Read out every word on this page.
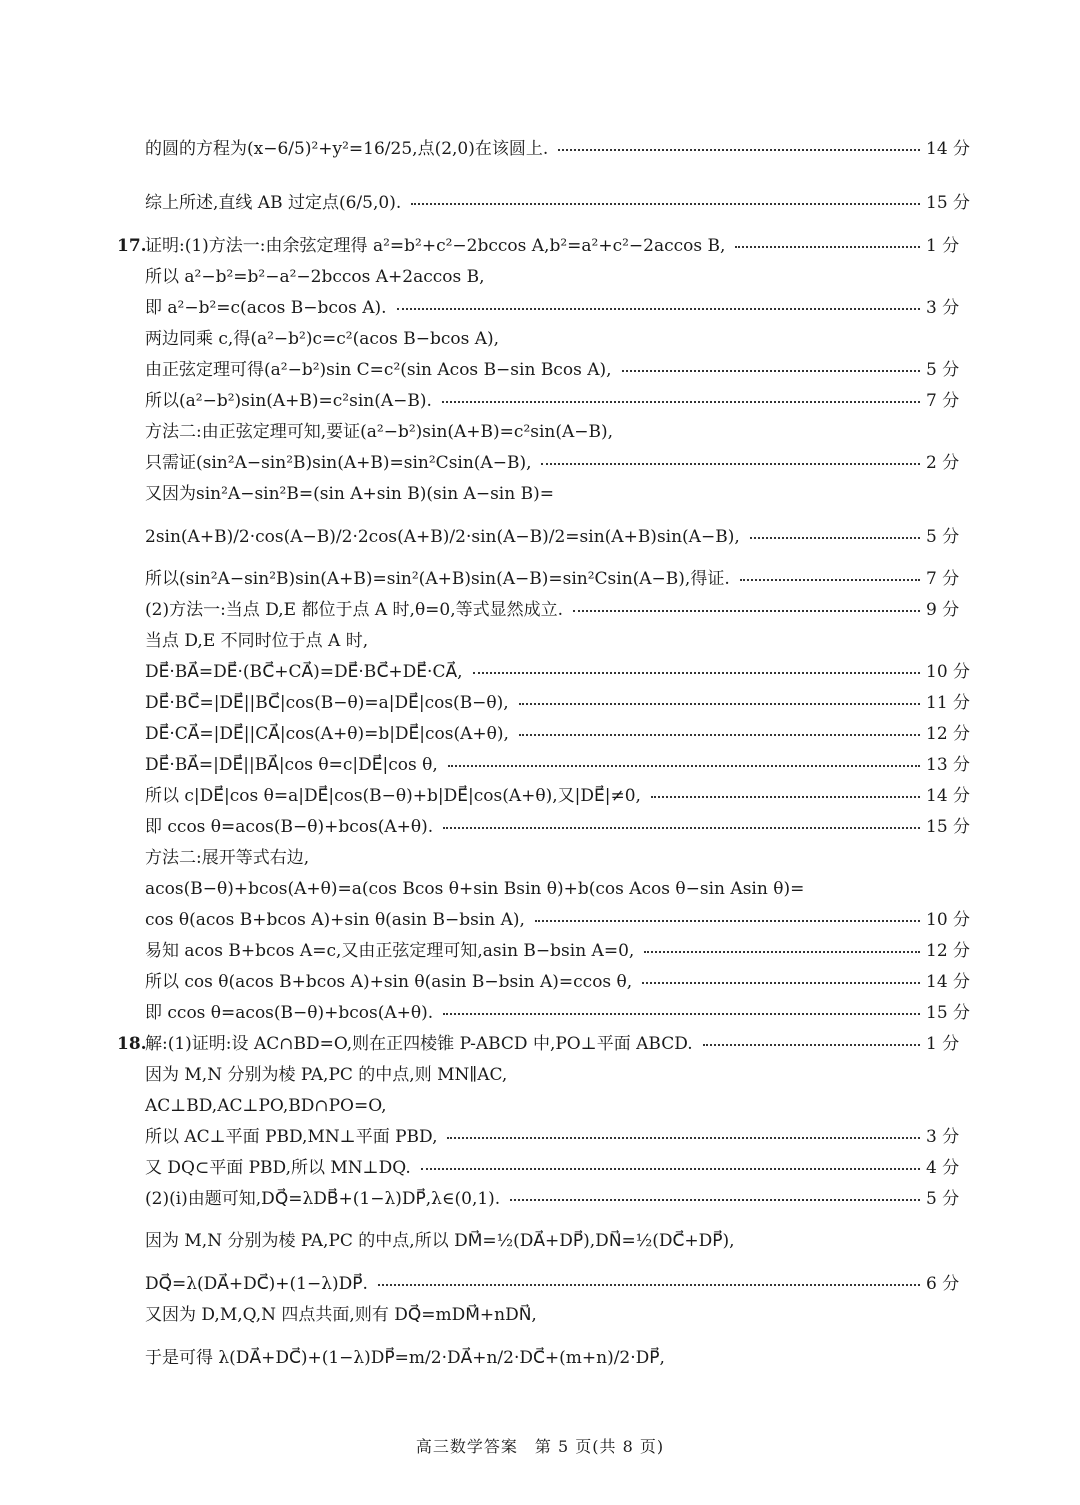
的圆的方程为(x−6/5)²+y²=16/25,点(2,0)在该圆上.	14 分
综上所述,直线 AB 过定点(6/5,0).	15 分
17.
证明:(1)方法一:由余弦定理得 a²=b²+c²−2bccos A,b²=a²+c²−2accos B,	1 分
所以 a²−b²=b²−a²−2bccos A+2accos B,
即 a²−b²=c(acos B−bcos A).	3 分
两边同乘 c,得(a²−b²)c=c²(acos B−bcos A),
由正弦定理可得(a²−b²)sin C=c²(sin Acos B−sin Bcos A),	5 分
所以(a²−b²)sin(A+B)=c²sin(A−B).	7 分
方法二:由正弦定理可知,要证(a²−b²)sin(A+B)=c²sin(A−B),
只需证(sin²A−sin²B)sin(A+B)=sin²Csin(A−B),	2 分
又因为sin²A−sin²B=(sin A+sin B)(sin A−sin B)=
2sin(A+B)/2·cos(A−B)/2·2cos(A+B)/2·sin(A−B)/2=sin(A+B)sin(A−B),	5 分
所以(sin²A−sin²B)sin(A+B)=sin²(A+B)sin(A−B)=sin²Csin(A−B),得证.	7 分
(2)方法一:当点 D,E 都位于点 A 时,θ=0,等式显然成立.	9 分
当点 D,E 不同时位于点 A 时,
DE⃗·BA⃗=DE⃗·(BC⃗+CA⃗)=DE⃗·BC⃗+DE⃗·CA⃗,	10 分
DE⃗·BC⃗=|DE⃗||BC⃗|cos(B−θ)=a|DE⃗|cos(B−θ),	11 分
DE⃗·CA⃗=|DE⃗||CA⃗|cos(A+θ)=b|DE⃗|cos(A+θ),	12 分
DE⃗·BA⃗=|DE⃗||BA⃗|cos θ=c|DE⃗|cos θ,	13 分
所以 c|DE⃗|cos θ=a|DE⃗|cos(B−θ)+b|DE⃗|cos(A+θ),又|DE⃗|≠0,	14 分
即 ccos θ=acos(B−θ)+bcos(A+θ).	15 分
方法二:展开等式右边,
acos(B−θ)+bcos(A+θ)=a(cos Bcos θ+sin Bsin θ)+b(cos Acos θ−sin Asin θ)=
cos θ(acos B+bcos A)+sin θ(asin B−bsin A),	10 分
易知 acos B+bcos A=c,又由正弦定理可知,asin B−bsin A=0,	12 分
所以 cos θ(acos B+bcos A)+sin θ(asin B−bsin A)=ccos θ,	14 分
即 ccos θ=acos(B−θ)+bcos(A+θ).	15 分
18.
解:(1)证明:设 AC∩BD=O,则在正四棱锥 P-ABCD 中,PO⊥平面 ABCD.	1 分
因为 M,N 分别为棱 PA,PC 的中点,则 MN∥AC,
AC⊥BD,AC⊥PO,BD∩PO=O,
所以 AC⊥平面 PBD,MN⊥平面 PBD,	3 分
又 DQ⊂平面 PBD,所以 MN⊥DQ.	4 分
(2)(i)由题可知,DQ⃗=λDB⃗+(1−λ)DP⃗,λ∈(0,1).	5 分
因为 M,N 分别为棱 PA,PC 的中点,所以 DM⃗=½(DA⃗+DP⃗),DN⃗=½(DC⃗+DP⃗),
DQ⃗=λ(DA⃗+DC⃗)+(1−λ)DP⃗.	6 分
又因为 D,M,Q,N 四点共面,则有 DQ⃗=mDM⃗+nDN⃗,
于是可得 λ(DA⃗+DC⃗)+(1−λ)DP⃗=m/2·DA⃗+n/2·DC⃗+(m+n)/2·DP⃗,
高三数学答案　第 5 页(共 8 页)
